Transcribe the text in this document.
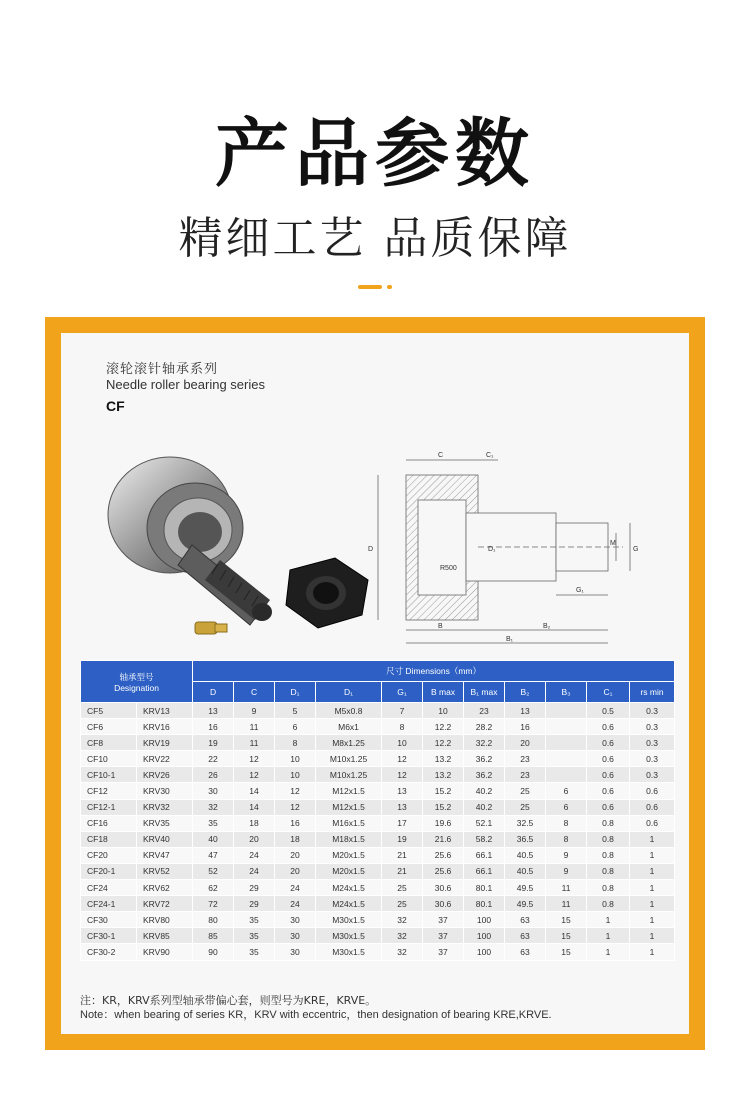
产品参数
精细工艺 品质保障
滚轮滚针轴承系列
Needle roller bearing series
CF
C	C₁
D	D₁
R500
M
G
G₁
B	B₂
B₁
轴承型号
Designation		尺寸 Dimensions（mm）										
		D	C	D₁	D₁	G₁	B max	B₁ max	B₂	B₃	C₁	rs min
CF5	KRV13	13	9	5	M5x0.8	7	10	23	13		0.5	0.3
CF6	KRV16	16	11	6	M6x1	8	12.2	28.2	16		0.6	0.3
CF8	KRV19	19	11	8	M8x1.25	10	12.2	32.2	20		0.6	0.3
CF10	KRV22	22	12	10	M10x1.25	12	13.2	36.2	23		0.6	0.3
CF10-1	KRV26	26	12	10	M10x1.25	12	13.2	36.2	23		0.6	0.3
CF12	KRV30	30	14	12	M12x1.5	13	15.2	40.2	25	6	0.6	0.6
CF12-1	KRV32	32	14	12	M12x1.5	13	15.2	40.2	25	6	0.6	0.6
CF16	KRV35	35	18	16	M16x1.5	17	19.6	52.1	32.5	8	0.8	0.6
CF18	KRV40	40	20	18	M18x1.5	19	21.6	58.2	36.5	8	0.8	1
CF20	KRV47	47	24	20	M20x1.5	21	25.6	66.1	40.5	9	0.8	1
CF20-1	KRV52	52	24	20	M20x1.5	21	25.6	66.1	40.5	9	0.8	1
CF24	KRV62	62	29	24	M24x1.5	25	30.6	80.1	49.5	11	0.8	1
CF24-1	KRV72	72	29	24	M24x1.5	25	30.6	80.1	49.5	11	0.8	1
CF30	KRV80	80	35	30	M30x1.5	32	37	100	63	15	1	1
CF30-1	KRV85	85	35	30	M30x1.5	32	37	100	63	15	1	1
CF30-2	KRV90	90	35	30	M30x1.5	32	37	100	63	15	1	1
注：KR，KRV系列型轴承带偏心套，则型号为KRE，KRVE。
Note：when bearing of series KR，KRV with eccentric，then designation of bearing KRE,KRVE.
